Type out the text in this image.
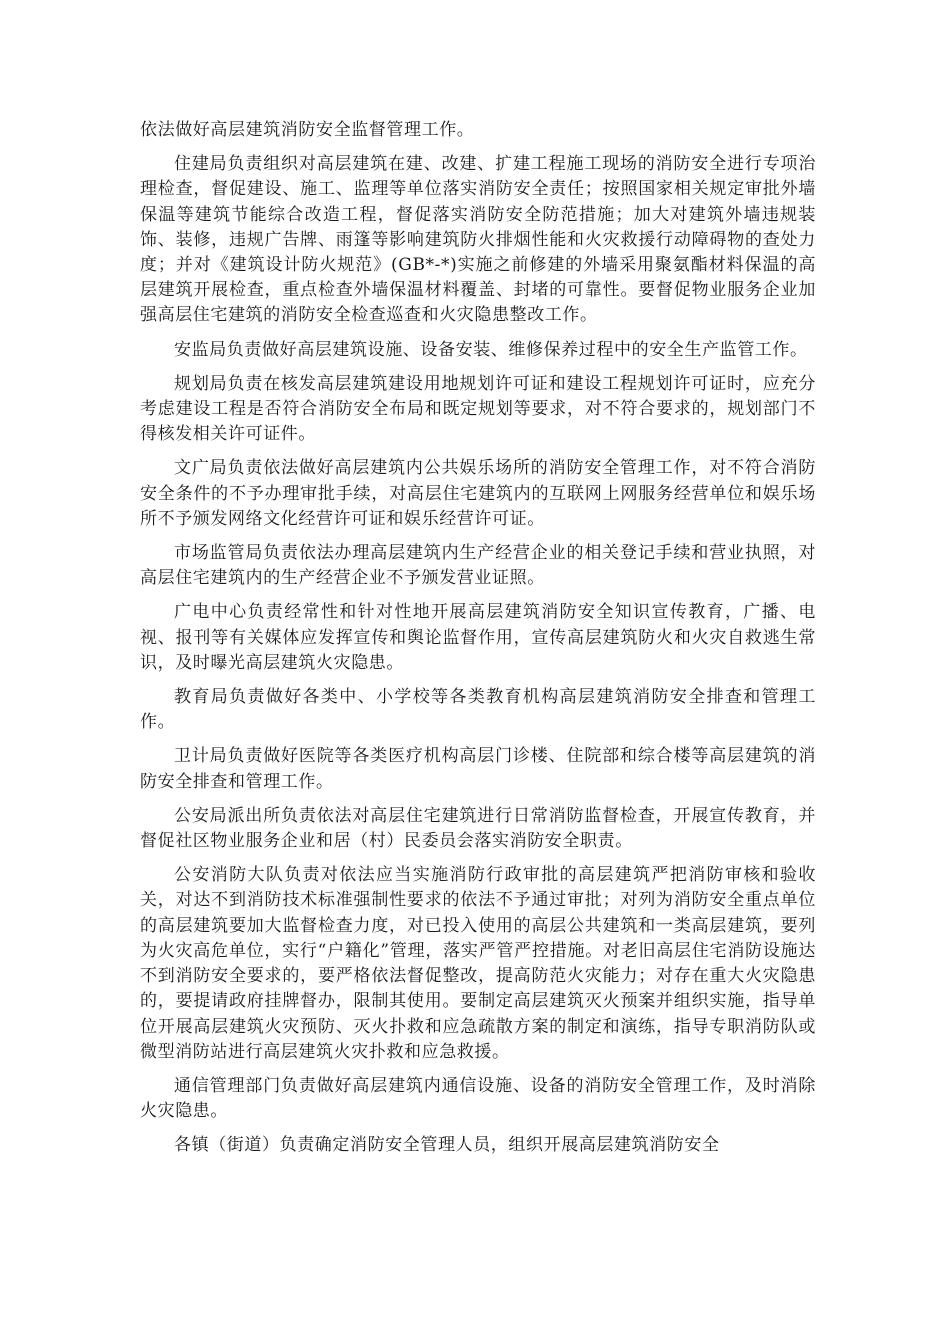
依法做好高层建筑消防安全监督管理工作。

住建局负责组织对高层建筑在建、改建、扩建工程施工现场的消防安全进行专项治理检查，督促建设、施工、监理等单位落实消防安全责任；按照国家相关规定审批外墙保温等建筑节能综合改造工程，督促落实消防安全防范措施；加大对建筑外墙违规装饰、装修，违规广告牌、雨篷等影响建筑防火排烟性能和火灾救援行动障碍物的查处力度；并对《建筑设计防火规范》(GB*-*)实施之前修建的外墙采用聚氨酯材料保温的高层建筑开展检查，重点检查外墙保温材料覆盖、封堵的可靠性。要督促物业服务企业加强高层住宅建筑的消防安全检查巡查和火灾隐患整改工作。

安监局负责做好高层建筑设施、设备安装、维修保养过程中的安全生产监管工作。

规划局负责在核发高层建筑建设用地规划许可证和建设工程规划许可证时，应充分考虑建设工程是否符合消防安全布局和既定规划等要求，对不符合要求的，规划部门不得核发相关许可证件。

文广局负责依法做好高层建筑内公共娱乐场所的消防安全管理工作，对不符合消防安全条件的不予办理审批手续，对高层住宅建筑内的互联网上网服务经营单位和娱乐场所不予颁发网络文化经营许可证和娱乐经营许可证。

市场监管局负责依法办理高层建筑内生产经营企业的相关登记手续和营业执照，对高层住宅建筑内的生产经营企业不予颁发营业证照。

广电中心负责经常性和针对性地开展高层建筑消防安全知识宣传教育，广播、电视、报刊等有关媒体应发挥宣传和舆论监督作用，宣传高层建筑防火和火灾自救逃生常识，及时曝光高层建筑火灾隐患。

教育局负责做好各类中、小学校等各类教育机构高层建筑消防安全排查和管理工作。

卫计局负责做好医院等各类医疗机构高层门诊楼、住院部和综合楼等高层建筑的消防安全排查和管理工作。

公安局派出所负责依法对高层住宅建筑进行日常消防监督检查，开展宣传教育，并督促社区物业服务企业和居（村）民委员会落实消防安全职责。

公安消防大队负责对依法应当实施消防行政审批的高层建筑严把消防审核和验收关，对达不到消防技术标准强制性要求的依法不予通过审批；对列为消防安全重点单位的高层建筑要加大监督检查力度，对已投入使用的高层公共建筑和一类高层建筑，要列为火灾高危单位，实行“户籍化”管理，落实严管严控措施。对老旧高层住宅消防设施达不到消防安全要求的，要严格依法督促整改，提高防范火灾能力；对存在重大火灾隐患的，要提请政府挂牌督办，限制其使用。要制定高层建筑灭火预案并组织实施，指导单位开展高层建筑火灾预防、灭火扑救和应急疏散方案的制定和演练，指导专职消防队或微型消防站进行高层建筑火灾扑救和应急救援。

通信管理部门负责做好高层建筑内通信设施、设备的消防安全管理工作，及时消除火灾隐患。

各镇（街道）负责确定消防安全管理人员，组织开展高层建筑消防安全
